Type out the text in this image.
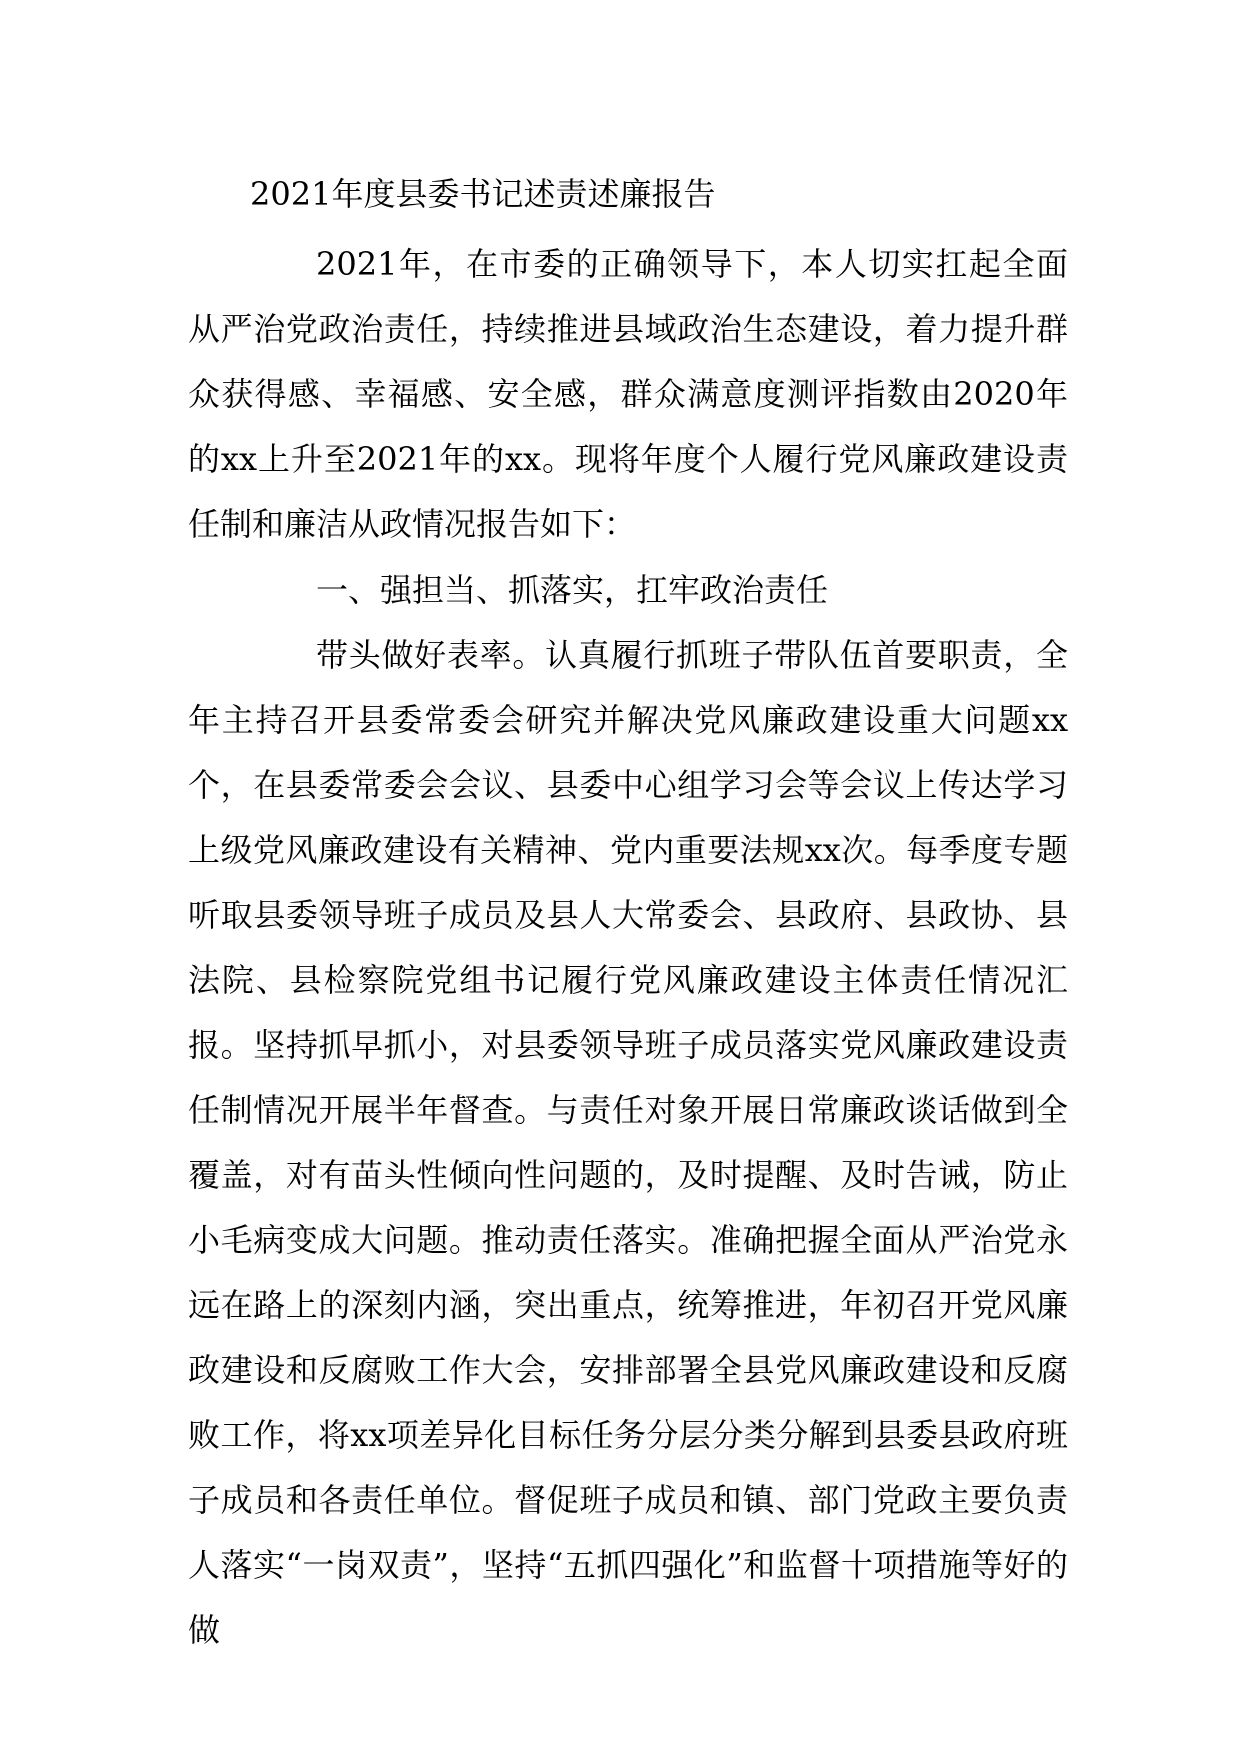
2021年度县委书记述责述廉报告

2021年，在市委的正确领导下，本人切实扛起全面从严治党政治责任，持续推进县域政治生态建设，着力提升群众获得感、幸福感、安全感，群众满意度测评指数由2020年的xx上升至2021年的xx。现将年度个人履行党风廉政建设责任制和廉洁从政情况报告如下：

一、强担当、抓落实，扛牢政治责任

带头做好表率。认真履行抓班子带队伍首要职责，全年主持召开县委常委会研究并解决党风廉政建设重大问题xx个，在县委常委会会议、县委中心组学习会等会议上传达学习上级党风廉政建设有关精神、党内重要法规xx次。每季度专题听取县委领导班子成员及县人大常委会、县政府、县政协、县法院、县检察院党组书记履行党风廉政建设主体责任情况汇报。坚持抓早抓小，对县委领导班子成员落实党风廉政建设责任制情况开展半年督查。与责任对象开展日常廉政谈话做到全覆盖，对有苗头性倾向性问题的，及时提醒、及时告诫，防止小毛病变成大问题。推动责任落实。准确把握全面从严治党永远在路上的深刻内涵，突出重点，统筹推进，年初召开党风廉政建设和反腐败工作大会，安排部署全县党风廉政建设和反腐败工作，将xx项差异化目标任务分层分类分解到县委县政府班子成员和各责任单位。督促班子成员和镇、部门党政主要负责人落实“一岗双责”，坚持“五抓四强化”和监督十项措施等好的做
